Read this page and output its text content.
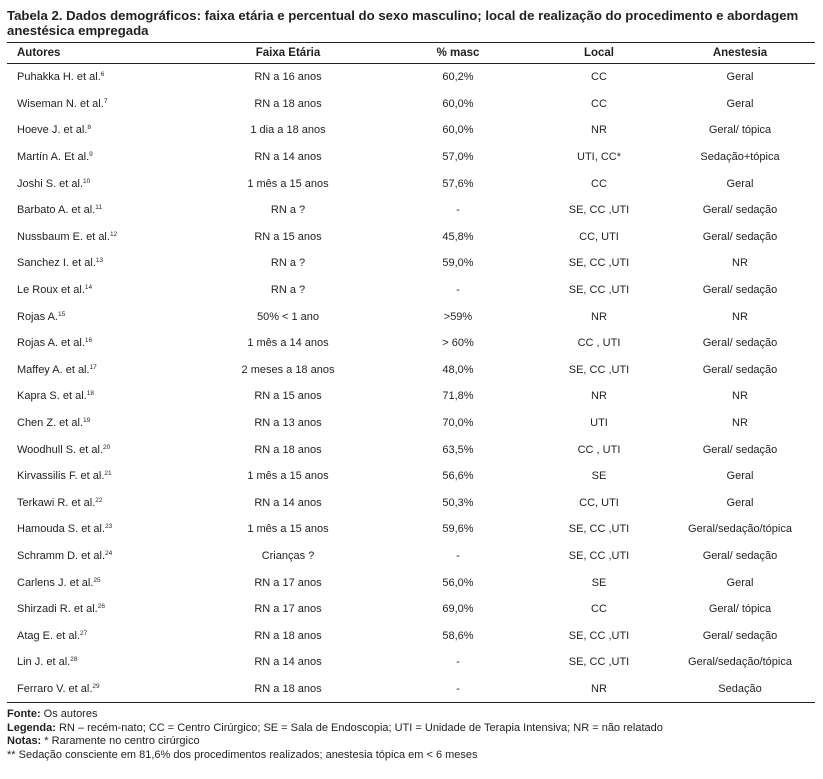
Tabela 2. Dados demográficos: faixa etária e percentual do sexo masculino; local de realização do procedimento e abordagem anestésica empregada
Autores	Faixa Etária	% masc	Local	Anestesia
Puhakka H. et al.$^6$	RN a 16 anos	60,2%	CC	Geral
Wiseman N. et al.$^7$	RN a 18 anos	60,0%	CC	Geral
Hoeve J. et al.$^8$	1 dia a 18 anos	60,0%	NR	Geral/ tópica
Martín A. Et al.$^9$	RN a 14 anos	57,0%	UTI, CC*	Sedação+tópica
Joshi S. et al.$^{10}$	1 mês a 15 anos	57,6%	CC	Geral
Barbato A. et al.$^{11}$	RN a ?	-	SE, CC ,UTI	Geral/ sedação
Nussbaum E. et al.$^{12}$	RN a 15 anos	45,8%	CC, UTI	Geral/ sedação
Sanchez I. et al.$^{13}$	RN a ?	59,0%	SE, CC ,UTI	NR
Le Roux et al.$^{14}$	RN a ?	-	SE, CC ,UTI	Geral/ sedação
Rojas A.$^{15}$	50% < 1 ano	>59%	NR	NR
Rojas A. et al.$^{16}$	1 mês a 14 anos	> 60%	CC , UTI	Geral/ sedação
Maffey A. et al.$^{17}$	2 meses a 18 anos	48,0%	SE, CC ,UTI	Geral/ sedação
Kapra S. et al.$^{18}$	RN a 15 anos	71,8%	NR	NR
Chen Z. et al.$^{19}$	RN a 13 anos	70,0%	UTI	NR
Woodhull S. et al.$^{20}$	RN a 18 anos	63,5%	CC , UTI	Geral/ sedação
Kirvassilis F. et al.$^{21}$	1 mês a 15 anos	56,6%	SE	Geral
Terkawi R. et al.$^{22}$	RN a 14 anos	50,3%	CC, UTI	Geral
Hamouda S. et al.$^{23}$	1 mês a 15 anos	59,6%	SE, CC ,UTI	Geral/sedação/tópica
Schramm D. et al.$^{24}$	Crianças ?	-	SE, CC ,UTI	Geral/ sedação
Carlens J. et al.$^{25}$	RN a 17 anos	56,0%	SE	Geral
Shirzadi R. et al.$^{26}$	RN a 17 anos	69,0%	CC	Geral/ tópica
Atag E. et al.$^{27}$	RN a 18 anos	58,6%	SE, CC ,UTI	Geral/ sedação
Lin J. et al.$^{28}$	RN a 14 anos	-	SE, CC ,UTI	Geral/sedação/tópica
Ferraro V. et al.$^{29}$	RN a 18 anos	-	NR	Sedação
Fonte: Os autores
Legenda: RN – recém-nato; CC = Centro Cirúrgico; SE = Sala de Endoscopia; UTI = Unidade de Terapia Intensiva; NR = não relatado
Notas: * Raramente no centro cirúrgico
** Sedação consciente em 81,6% dos procedimentos realizados; anestesia tópica em < 6 meses
